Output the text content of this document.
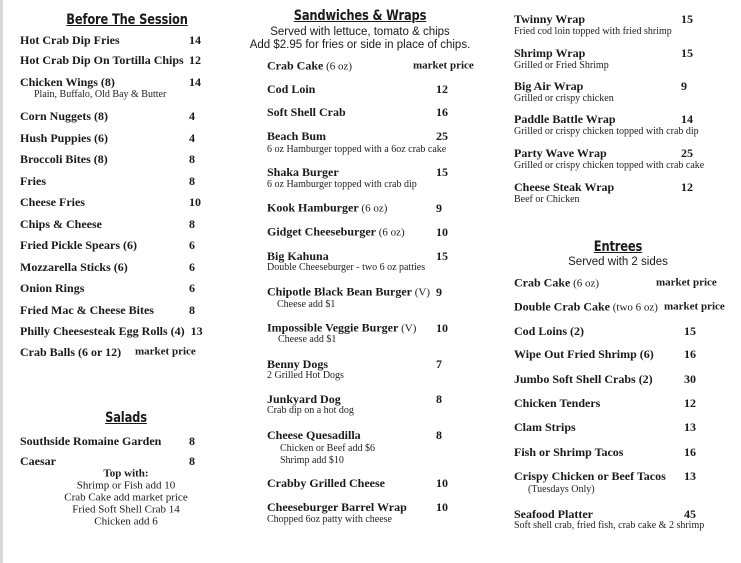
Before The Session
Hot Crab Dip Fries	14
Hot Crab Dip On Tortilla Chips 12
Chicken Wings (8)	14
Plain, Buffalo, Old Bay & Butter
Corn Nuggets (8)	4
Hush Puppies (6)	4
Broccoli Bites (8)	8
Fries	8
Cheese Fries	10
Chips & Cheese	8
Fried Pickle Spears (6)	6
Mozzarella Sticks (6)	6
Onion Rings	6
Fried Mac & Cheese Bites	8
Philly Cheesesteak Egg Rolls (4) 13
Crab Balls (6 or 12) market price
Salads
Southside Romaine Garden 8
Caesar	8
Top with:
Shrimp or Fish add 10
Crab Cake add market price
Fried Soft Shell Crab 14
Chicken add 6
Sandwiches & Wraps
Served with lettuce, tomato & chips
Add $2.95 for fries or side in place of chips.
Crab Cake (6 oz)	market price
Cod Loin	12
Soft Shell Crab	16
Beach Bum	25
6 oz Hamburger topped with a 6oz crab cake
Shaka Burger	15
6 oz Hamburger topped with crab dip
Kook Hamburger (6 oz)	9
Gidget Cheeseburger (6 oz)	10
Big Kahuna	15
Double Cheeseburger - two 6 oz patties
Chipotle Black Bean Burger (V) 9
Cheese add $1
Impossible Veggie Burger (V) 10
Cheese add $1
Benny Dogs	7
2 Grilled Hot Dogs
Junkyard Dog	8
Crab dip on a hot dog
Cheese Quesadilla	8
Chicken or Beef add $6
Shrimp add $10
Crabby Grilled Cheese	10
Cheeseburger Barrel Wrap 10
Chopped 6oz patty with cheese
Twinny Wrap	15
Fried cod loin topped with fried shrimp
Shrimp Wrap	15
Grilled or Fried Shrimp
Big Air Wrap	9
Grilled or crispy chicken
Paddle Battle Wrap	14
Grilled or crispy chicken topped with crab dip
Party Wave Wrap	25
Grilled or crispy chicken topped with crab cake
Cheese Steak Wrap	12
Beef or Chicken
Entrees
Served with 2 sides
Crab Cake (6 oz)	market price
Double Crab Cake (two 6 oz) market price
Cod Loins (2)	15
Wipe Out Fried Shrimp (6)	16
Jumbo Soft Shell Crabs (2)	30
Chicken Tenders	12
Clam Strips	13
Fish or Shrimp Tacos	16
Crispy Chicken or Beef Tacos 13
(Tuesdays Only)
Seafood Platter	45
Soft shell crab, fried fish, crab cake & 2 shrimp
